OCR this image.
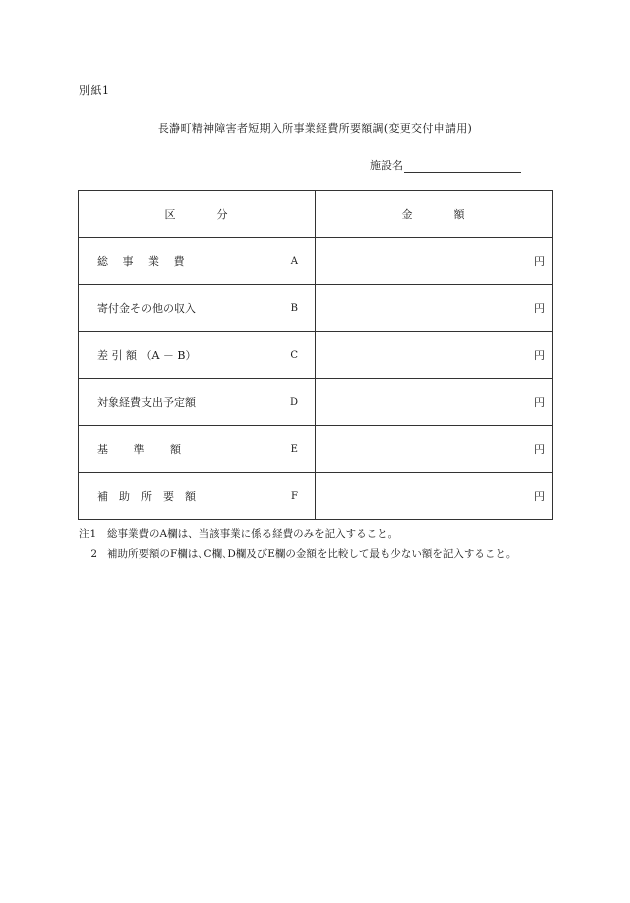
別紙1
長瀞町精神障害者短期入所事業経費所要額調(変更交付申請用)
施設名
区　　　分	金　　　額

総　 事　 業　 費 A	円

寄付金その他の収入 B	円

差 引 額 （A － B） C	円

対象経費支出予定額 D	円

基　　 準　　 額 E	円

補　助　所　要　額 F	円
注1	総事業費のA欄は、当該事業に係る経費のみを記入すること。
2 補助所要額のF欄は､C欄､D欄及びE欄の金額を比較して最も少ない額を記入すること。
